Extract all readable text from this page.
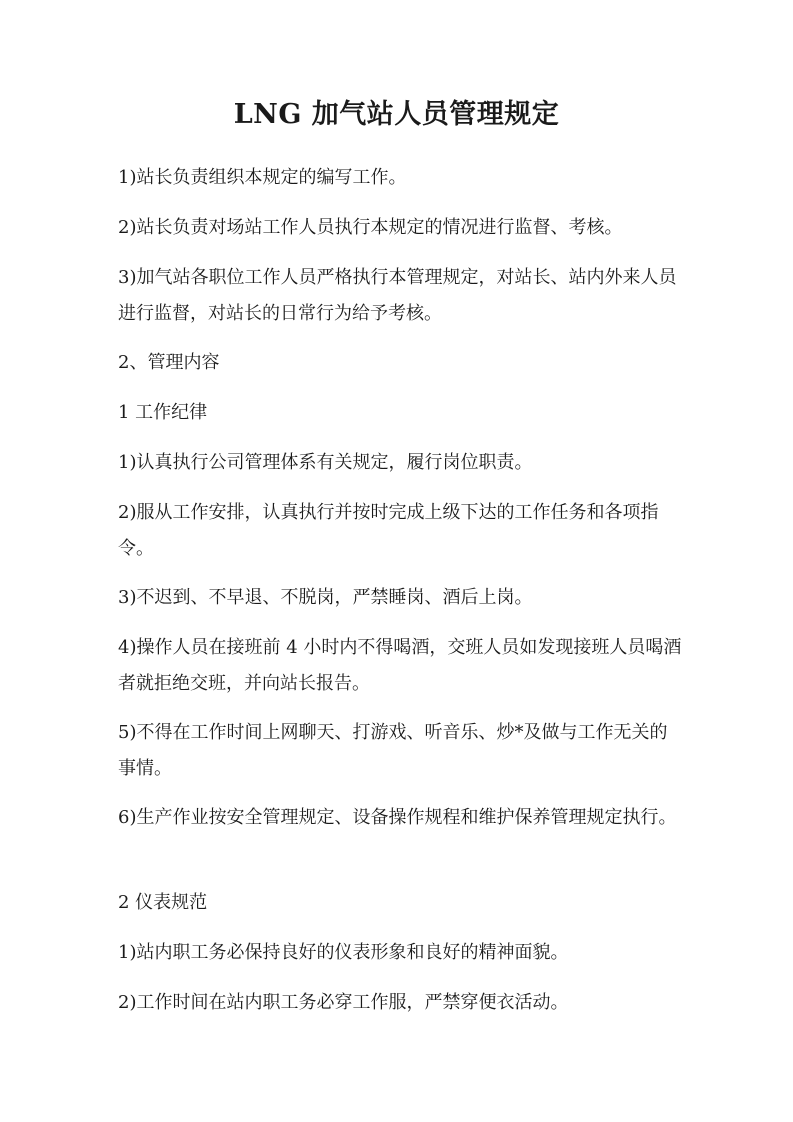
LNG 加气站人员管理规定

1)站长负责组织本规定的编写工作。

2)站长负责对场站工作人员执行本规定的情况进行监督、考核。

3)加气站各职位工作人员严格执行本管理规定，对站长、站内外来人员进行监督，对站长的日常行为给予考核。

2、管理内容

1 工作纪律

1)认真执行公司管理体系有关规定，履行岗位职责。

2)服从工作安排，认真执行并按时完成上级下达的工作任务和各项指令。

3)不迟到、不早退、不脱岗，严禁睡岗、酒后上岗。

4)操作人员在接班前 4 小时内不得喝酒，交班人员如发现接班人员喝酒者就拒绝交班，并向站长报告。

5)不得在工作时间上网聊天、打游戏、听音乐、炒*及做与工作无关的事情。

6)生产作业按安全管理规定、设备操作规程和维护保养管理规定执行。

2 仪表规范

1)站内职工务必保持良好的仪表形象和良好的精神面貌。

2)工作时间在站内职工务必穿工作服，严禁穿便衣活动。
